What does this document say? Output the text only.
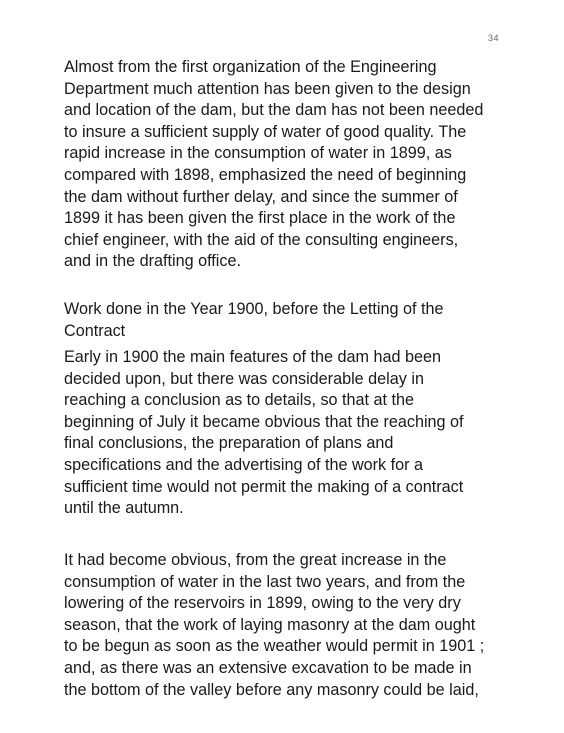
34

Almost from the first organization of the Engineering

Department much attention has been given to the design

and location of the dam, but the dam has not been needed

to insure a sufficient supply of water of good quality. The

rapid increase in the consumption of water in 1899, as

compared with 1898, emphasized the need of beginning

the dam without further delay, and since the summer of

1899 it has been given the first place in the work of the

chief engineer, with the aid of the consulting engineers,

and in the drafting office.

Work done in the Year 1900, before the Letting of the

Contract

Early in 1900 the main features of the dam had been

decided upon, but there was considerable delay in

reaching a conclusion as to details, so that at the

beginning of July it became obvious that the reaching of

final conclusions, the preparation of plans and

specifications and the advertising of the work for a

sufficient time would not permit the making of a contract

until the autumn.

It had become obvious, from the great increase in the

consumption of water in the last two years, and from the

lowering of the reservoirs in 1899, owing to the very dry

season, that the work of laying masonry at the dam ought

to be begun as soon as the weather would permit in 1901 ;

and, as there was an extensive excavation to be made in

the bottom of the valley before any masonry could be laid,
